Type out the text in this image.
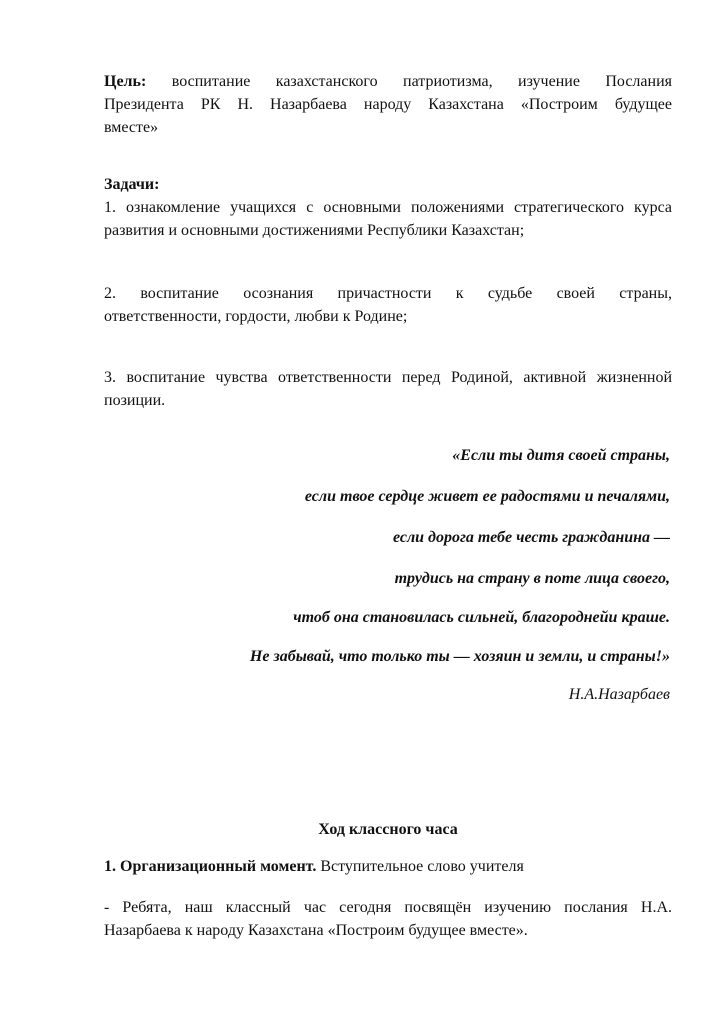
Цель: воспитание казахстанского патриотизма, изучение Послания
Президента РК Н. Назарбаева народу Казахстана «Построим будущее
вместе»
Задачи:
1. ознакомление учащихся с основными положениями стратегического курса
развития и основными достижениями Республики Казахстан;
2. воспитание осознания причастности к судьбе своей страны,
ответственности, гордости, любви к Родине;
3. воспитание чувства ответственности перед Родиной, активной жизненной
позиции.
«Если ты дитя своей страны,
если твое сердце живет ее радостями и печалями,
если дорога тебе честь гражданина —
трудись на страну в поте лица своего,
чтоб она становилась сильней, благороднейи краше.
Не забывай, что только ты — хозяин и земли, и страны!»
Н.А.Назарбаев
Ход классного часа
1. Организационный момент. Вступительное слово учителя
- Ребята, наш классный час сегодня посвящён изучению послания Н.А.
Назарбаева к народу Казахстана «Построим будущее вместе».
